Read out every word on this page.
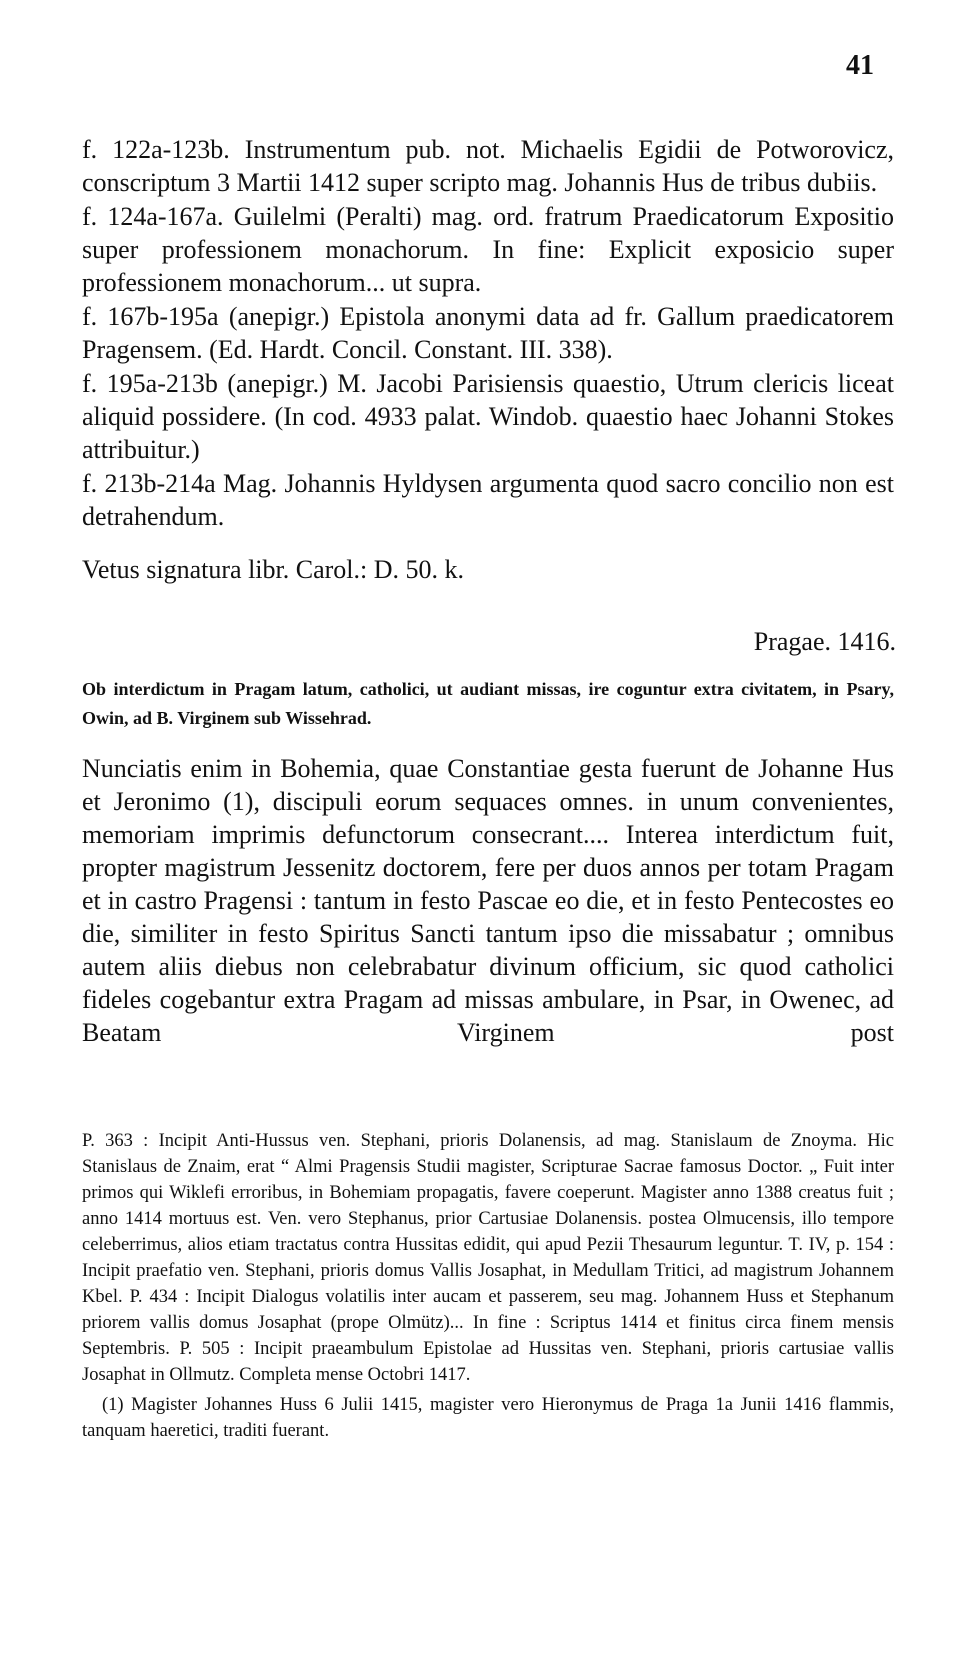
41

f. 122a-123b. Instrumentum pub. not. Michaelis Egidii de Potworovicz, conscriptum 3 Martii 1412 super scripto mag. Johannis Hus de tribus dubiis.

f. 124a-167a. Guilelmi (Peralti) mag. ord. fratrum Praedicatorum Expositio super professionem monachorum. In fine: Explicit exposicio super professionem monachorum... ut supra.

f. 167b-195a (anepigr.) Epistola anonymi data ad fr. Gallum praedicatorem Pragensem. (Ed. Hardt. Concil. Constant. III. 338).

f. 195a-213b (anepigr.) M. Jacobi Parisiensis quaestio, Utrum clericis liceat aliquid possidere. (In cod. 4933 palat. Windob. quaestio haec Johanni Stokes attribuitur.)

f. 213b-214a Mag. Johannis Hyldysen argumenta quod sacro concilio non est detrahendum.

Vetus signatura libr. Carol.: D. 50. k.
Pragae. 1416.
Ob interdictum in Pragam latum, catholici, ut audiant missas, ire coguntur extra civitatem, in Psary, Owin, ad B. Virginem sub Wissehrad.
Nunciatis enim in Bohemia, quae Constantiae gesta fuerunt de Johanne Hus et Jeronimo (1), discipuli eorum sequaces omnes. in unum convenientes, memoriam imprimis defunctorum consecrant.... Interea interdictum fuit, propter magistrum Jessenitz doctorem, fere per duos annos per totam Pragam et in castro Pragensi : tantum in festo Pascae eo die, et in festo Pentecostes eo die, similiter in festo Spiritus Sancti tantum ipso die missabatur ; omnibus autem aliis diebus non celebrabatur divinum officium, sic quod catholici fideles cogebantur extra Pragam ad missas ambulare, in Psar, in Owenec, ad Beatam Virginem post

P. 363 : Incipit Anti-Hussus ven. Stephani, prioris Dolanensis, ad mag. Stanislaum de Znoyma. Hic Stanislaus de Znaim, erat “ Almi Pragensis Studii magister, Scripturae Sacrae famosus Doctor. „ Fuit inter primos qui Wiklefi erroribus, in Bohemiam propagatis, favere coeperunt. Magister anno 1388 creatus fuit ; anno 1414 mortuus est. Ven. vero Stephanus, prior Cartusiae Dolanensis. postea Olmucensis, illo tempore celeberrimus, alios etiam tractatus contra Hussitas edidit, qui apud Pezii Thesaurum leguntur. T. IV, p. 154 : Incipit praefatio ven. Stephani, prioris domus Vallis Josaphat, in Medullam Tritici, ad magistrum Johannem Kbel. P. 434 : Incipit Dialogus volatilis inter aucam et passerem, seu mag. Johannem Huss et Stephanum priorem vallis domus Josaphat (prope Olmütz)... In fine : Scriptus 1414 et finitus circa finem mensis Septembris. P. 505 : Incipit praeambulum Epistolae ad Hussitas ven. Stephani, prioris cartusiae vallis Josaphat in Ollmutz. Completa mense Octobri 1417.

(1) Magister Johannes Huss 6 Julii 1415, magister vero Hieronymus de Praga 1a Junii 1416 flammis, tanquam haeretici, traditi fuerant.
